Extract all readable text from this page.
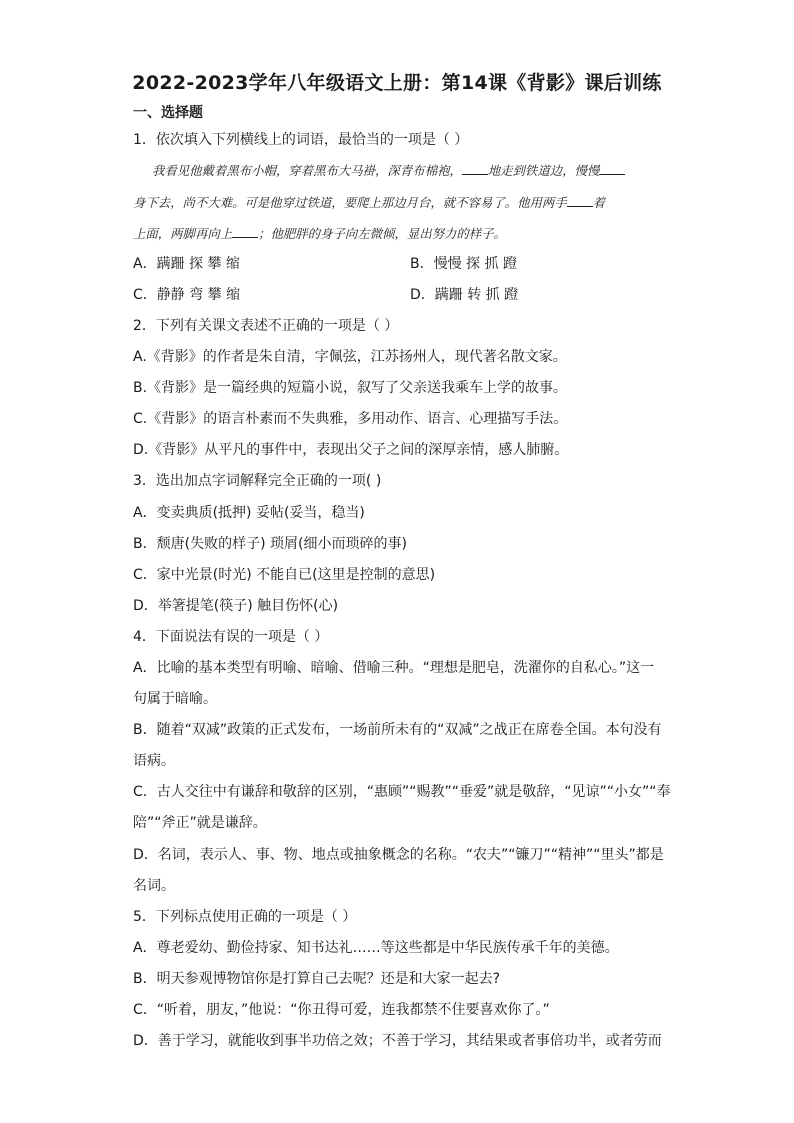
2022-2023学年八年级语文上册：第14课《背影》课后训练
一、选择题
1．依次填入下列横线上的词语，最恰当的一项是（ ）
我看见他戴着黑布小帽，穿着黑布大马褂，深青布棉袍， 地走到铁道边，慢慢
身下去，尚不大难。可是他穿过铁道，要爬上那边月台，就不容易了。他用两手 着
上面，两脚再向上 ；他肥胖的身子向左微倾，显出努力的样子。
A．蹒跚 探 攀 缩	B．慢慢 探 抓 蹬
C．静静 弯 攀 缩	D．蹒跚 转 抓 蹬
2．下列有关课文表述不正确的一项是（ ）
A.《背影》的作者是朱自清，字佩弦，江苏扬州人，现代著名散文家。
B.《背影》是一篇经典的短篇小说，叙写了父亲送我乘车上学的故事。
C.《背影》的语言朴素而不失典雅，多用动作、语言、心理描写手法。
D.《背影》从平凡的事件中，表现出父子之间的深厚亲情，感人肺腑。
3．选出加点字词解释完全正确的一项( )
A．变卖典质(抵押) 妥帖(妥当，稳当)
B．颓唐(失败的样子) 琐屑(细小而琐碎的事)
C．家中光景(时光) 不能自已(这里是控制的意思)
D．举箸提笔(筷子) 触目伤怀(心)
4．下面说法有误的一项是（ ）
A．比喻的基本类型有明喻、暗喻、借喻三种。“理想是肥皂，洗濯你的自私心。”这一
句属于暗喻。
B．随着“双减”政策的正式发布，一场前所未有的“双减”之战正在席卷全国。本句没有
语病。
C．古人交往中有谦辞和敬辞的区别，“惠顾”“赐教”“垂爱”就是敬辞，“见谅”“小女”“奉
陪”“斧正”就是谦辞。
D．名词，表示人、事、物、地点或抽象概念的名称。“农夫”“镰刀”“精神”“里头”都是
名词。
5．下列标点使用正确的一项是（ ）
A．尊老爱幼、勤俭持家、知书达礼……等这些都是中华民族传承千年的美德。
B．明天参观博物馆你是打算自己去呢？还是和大家一起去?
C．“听着，朋友，”他说：“你丑得可爱，连我都禁不住要喜欢你了。”
D．善于学习，就能收到事半功倍之效；不善于学习，其结果或者事倍功半，或者劳而
